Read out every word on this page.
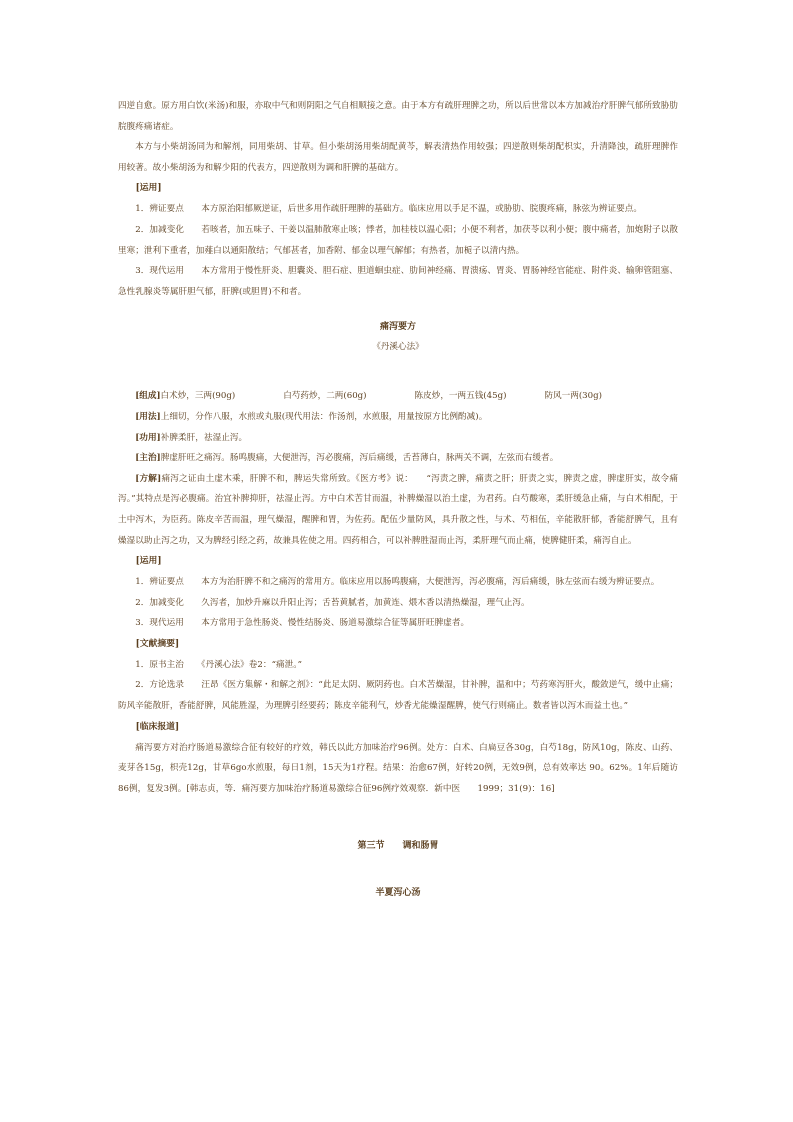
四逆自愈。原方用白饮(米汤)和服，亦取中气和则阴阳之气自相顺接之意。由于本方有疏肝理脾之功，所以后世常以本方加减治疗肝脾气郁所致胁肋脘腹疼痛诸症。

本方与小柴胡汤同为和解剂，同用柴胡、甘草。但小柴胡汤用柴胡配黄芩，解表清热作用较强；四逆散则柴胡配枳实，升清降浊，疏肝理脾作用较著。故小柴胡汤为和解少阳的代表方，四逆散则为调和肝脾的基础方。

[运用]

1．辨证要点　　本方原治阳郁厥逆证，后世多用作疏肝理脾的基础方。临床应用以手足不温，或胁肋、脘腹疼痛，脉弦为辨证要点。

2．加减变化　　若咳者，加五味子、干姜以温肺散寒止咳；悸者，加桂枝以温心阳；小便不利者，加茯苓以利小便；腹中痛者，加炮附子以散里寒；泄利下重者，加薤白以通阳散结；气郁甚者，加香附、郁金以理气解郁；有热者，加栀子以清内热。

3．现代运用　　本方常用于慢性肝炎、胆囊炎、胆石症、胆道蛔虫症、肋间神经痛、胃溃疡、胃炎、胃肠神经官能症、附件炎、输卵管阻塞、急性乳腺炎等属肝胆气郁，肝脾(或胆胃)不和者。

痛泻要方
《丹溪心法》
[组成] 白术炒，三两(90g)	白芍药炒，二两(60g)	陈皮炒，一两五钱(45g)	防风一两(30g)

[用法]上细切，分作八服，水煎或丸服(现代用法：作汤剂，水煎服，用量按原方比例酌减)。

[功用]补脾柔肝，祛湿止泻。

[主治]脾虚肝旺之痛泻。肠鸣腹痛，大便泄泻，泻必腹痛，泻后痛缓，舌苔薄白，脉两关不调，左弦而右缓者。

[方解]痛泻之证由土虚木乘，肝脾不和，脾运失常所致。《医方考》说：　　“泻责之脾，痛责之肝；肝责之实，脾责之虚，脾虚肝实，故令痛泻。”其特点是泻必腹痛。治宜补脾抑肝，祛湿止泻。方中白术苦甘而温，补脾燥湿以治土虚，为君药。白芍酸寒，柔肝缓急止痛，与白术相配，于土中泻木，为臣药。陈皮辛苦而温，理气燥湿，醒脾和胃，为佐药。配伍少量防风，具升散之性，与术、芍相伍，辛能散肝郁，香能舒脾气，且有燥湿以助止泻之功，又为脾经引经之药，故兼具佐使之用。四药相合，可以补脾胜湿而止泻，柔肝理气而止痛，使脾健肝柔，痛泻自止。

[运用]

1．辨证要点　　本方为治肝脾不和之痛泻的常用方。临床应用以肠鸣腹痛，大便泄泻，泻必腹痛，泻后痛缓，脉左弦而右缓为辨证要点。

2．加减变化　　久泻者，加炒升麻以升阳止泻；舌苔黄腻者，加黄连、煨木香以清热燥湿，理气止泻。

3．现代运用　　本方常用于急性肠炎、慢性结肠炎、肠道易激综合征等属肝旺脾虚者。

[文献摘要]

1．原书主治　　《丹溪心法》卷2：“痛泄。”

2．方论选录　　汪昂《医方集解・和解之剂》：“此足太阴、厥阴药也。白术苦燥湿，甘补脾，温和中；芍药寒泻肝火，酸敛逆气，缓中止痛；防风辛能散肝，香能舒脾，风能胜湿，为理脾引经要药；陈皮辛能利气，炒香尤能燥湿醒脾，使气行则痛止。数者皆以泻木而益土也。”

[临床报道]

痛泻要方对治疗肠道易激综合征有较好的疗效，韩氏以此方加味治疗96例。处方：白术、白扁豆各30g，白芍18g，防风10g，陈皮、山药、麦芽各15g，枳壳12g，甘草6go水煎服，每日1剂，15天为1疗程。结果：治愈67例，好转20例，无效9例，总有效率达 90。62%。1年后随访86例，复发3例。[韩志贞，等．痛泻要方加味治疗肠道易激综合征96例疗效观察．新中医　　1999；31(9)：16]

第三节　　调和肠胃
半夏泻心汤
